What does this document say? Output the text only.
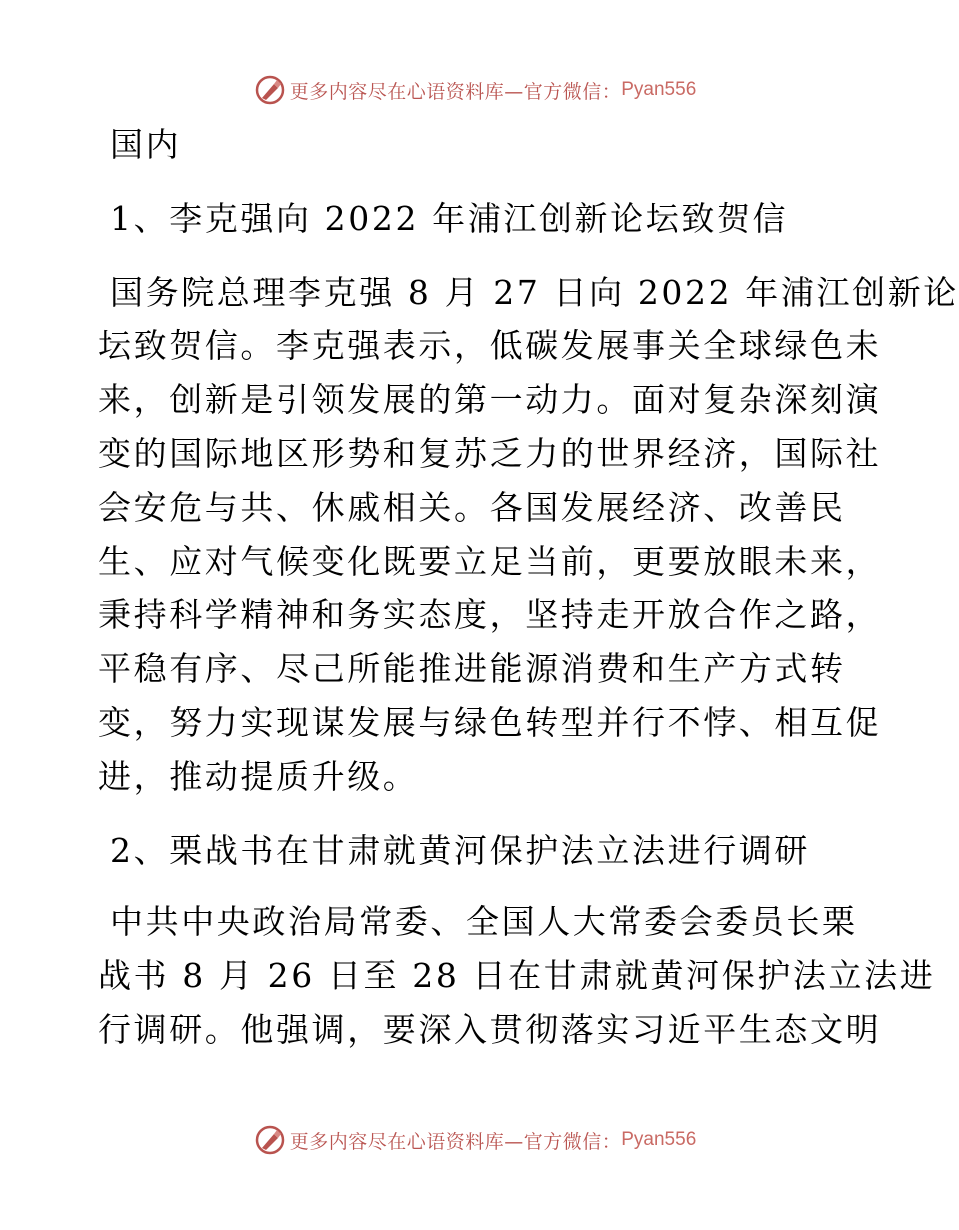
更多内容尽在心语资料库—官方微信： Pyan556
国内
1、李克强向 2022 年浦江创新论坛致贺信
国务院总理李克强 8 月 27 日向 2022 年浦江创新论
坛致贺信。李克强表示，低碳发展事关全球绿色未
来，创新是引领发展的第一动力。面对复杂深刻演
变的国际地区形势和复苏乏力的世界经济，国际社
会安危与共、休戚相关。各国发展经济、改善民
生、应对气候变化既要立足当前，更要放眼未来，
秉持科学精神和务实态度，坚持走开放合作之路，
平稳有序、尽己所能推进能源消费和生产方式转
变，努力实现谋发展与绿色转型并行不悖、相互促
进，推动提质升级。
2、栗战书在甘肃就黄河保护法立法进行调研
中共中央政治局常委、全国人大常委会委员长栗
战书 8 月 26 日至 28 日在甘肃就黄河保护法立法进
行调研。他强调，要深入贯彻落实习近平生态文明
更多内容尽在心语资料库—官方微信： Pyan556
